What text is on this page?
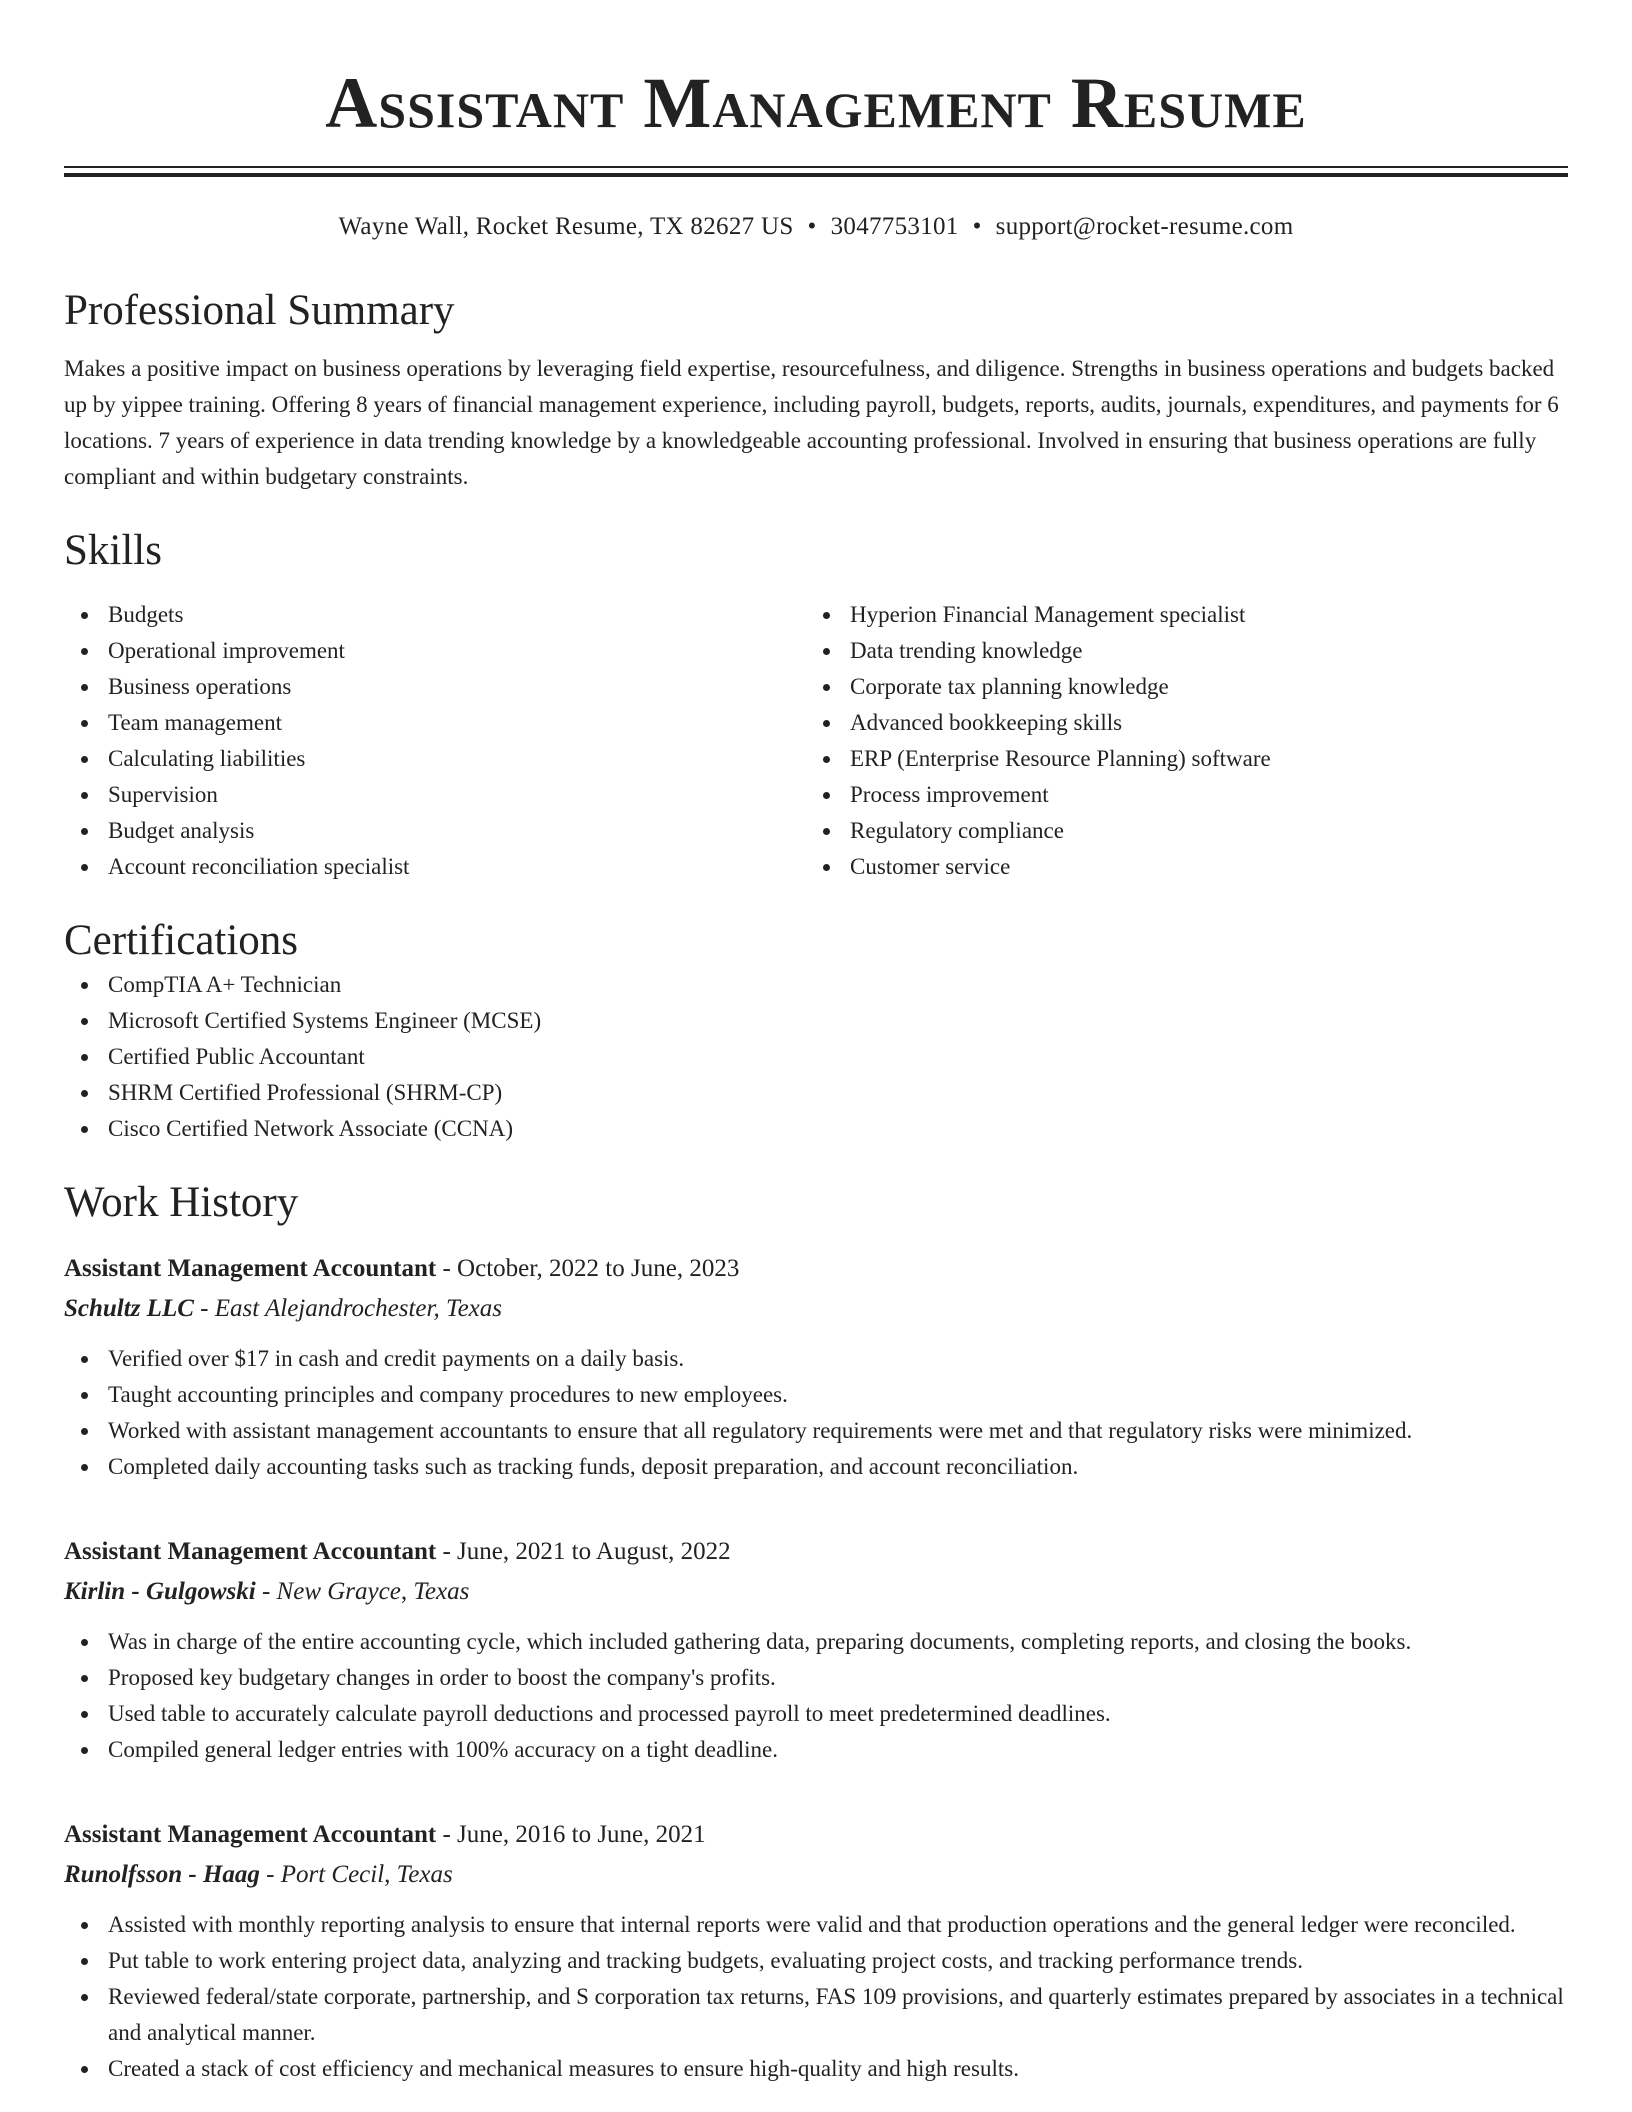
Assistant Management Resume
Wayne Wall, Rocket Resume, TX 82627 US • 3047753101 • support@rocket-resume.com
Professional Summary

Makes a positive impact on business operations by leveraging field expertise, resourcefulness, and diligence. Strengths in business operations and budgets backed up by yippee training. Offering 8 years of financial management experience, including payroll, budgets, reports, audits, journals, expenditures, and payments for 6 locations. 7 years of experience in data trending knowledge by a knowledgeable accounting professional. Involved in ensuring that business operations are fully compliant and within budgetary constraints.

Skills
Budgets
Operational improvement
Business operations
Team management
Calculating liabilities
Supervision
Budget analysis
Account reconciliation specialist
Hyperion Financial Management specialist
Data trending knowledge
Corporate tax planning knowledge
Advanced bookkeeping skills
ERP (Enterprise Resource Planning) software
Process improvement
Regulatory compliance
Customer service
Certifications
CompTIA A+ Technician
Microsoft Certified Systems Engineer (MCSE)
Certified Public Accountant
SHRM Certified Professional (SHRM-CP)
Cisco Certified Network Associate (CCNA)
Work History
Assistant Management Accountant - October, 2022 to June, 2023
Schultz LLC - East Alejandrochester, Texas
Verified over $17 in cash and credit payments on a daily basis.
Taught accounting principles and company procedures to new employees.
Worked with assistant management accountants to ensure that all regulatory requirements were met and that regulatory risks were minimized.
Completed daily accounting tasks such as tracking funds, deposit preparation, and account reconciliation.
Assistant Management Accountant - June, 2021 to August, 2022
Kirlin - Gulgowski - New Grayce, Texas
Was in charge of the entire accounting cycle, which included gathering data, preparing documents, completing reports, and closing the books.
Proposed key budgetary changes in order to boost the company's profits.
Used table to accurately calculate payroll deductions and processed payroll to meet predetermined deadlines.
Compiled general ledger entries with 100% accuracy on a tight deadline.
Assistant Management Accountant - June, 2016 to June, 2021
Runolfsson - Haag - Port Cecil, Texas
Assisted with monthly reporting analysis to ensure that internal reports were valid and that production operations and the general ledger were reconciled.
Put table to work entering project data, analyzing and tracking budgets, evaluating project costs, and tracking performance trends.
Reviewed federal/state corporate, partnership, and S corporation tax returns, FAS 109 provisions, and quarterly estimates prepared by associates in a technical and analytical manner.
Created a stack of cost efficiency and mechanical measures to ensure high-quality and high results.
